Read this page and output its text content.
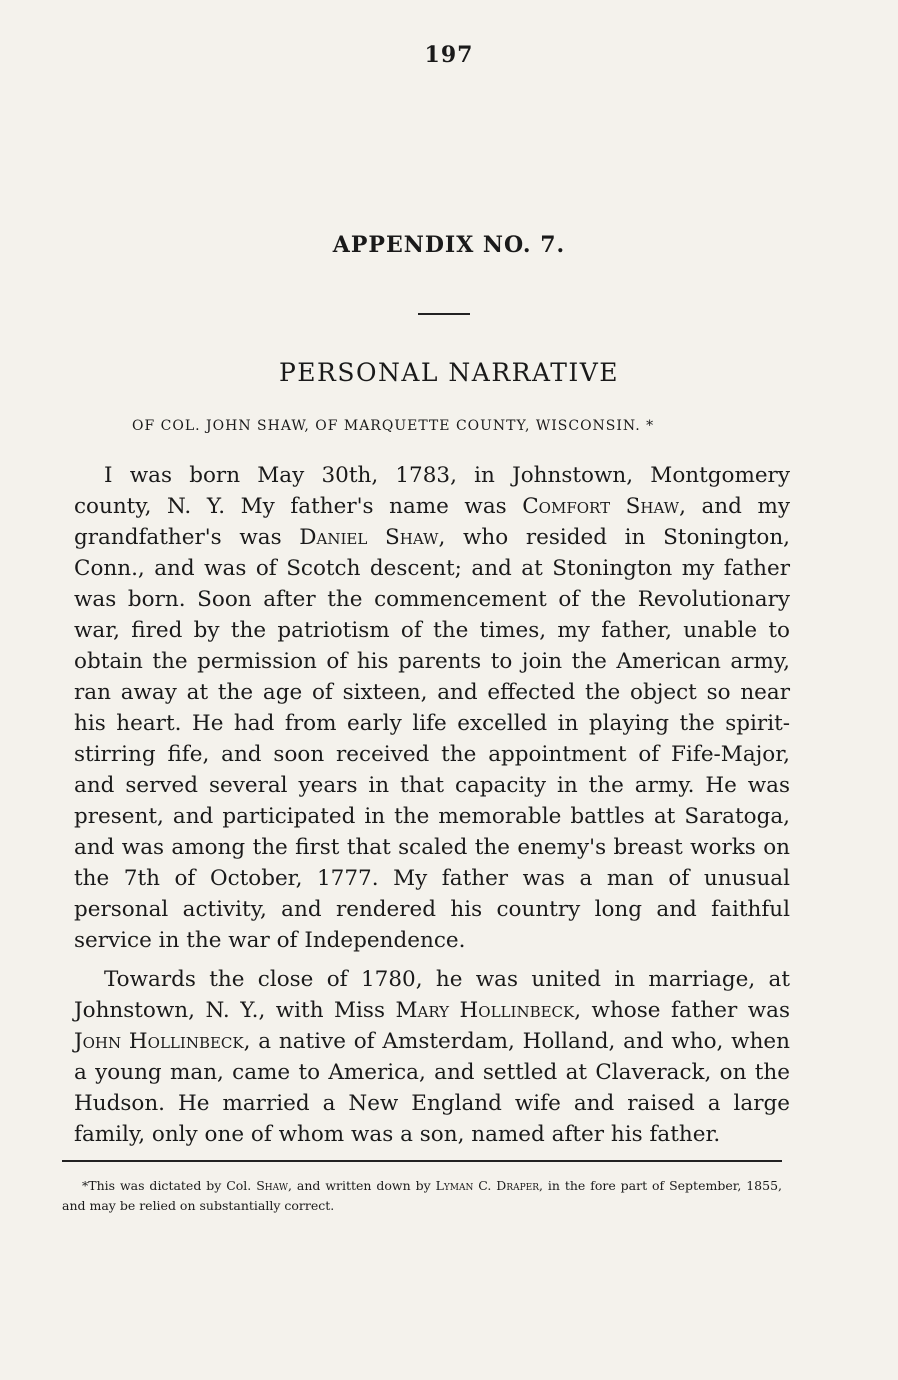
197
APPENDIX NO. 7.
PERSONAL NARRATIVE
OF COL. JOHN SHAW, OF MARQUETTE COUNTY, WISCONSIN. *

I was born May 30th, 1783, in Johnstown, Montgomery county, N. Y. My father's name was Comfort Shaw, and my grandfather's was Daniel Shaw, who resided in Stonington, Conn., and was of Scotch descent; and at Stonington my father was born. Soon after the commencement of the Revolutionary war, fired by the patriotism of the times, my father, unable to obtain the permission of his parents to join the American army, ran away at the age of sixteen, and effected the object so near his heart. He had from early life excelled in playing the spirit-stirring fife, and soon received the appointment of Fife-Major, and served several years in that capacity in the army. He was present, and participated in the memorable battles at Saratoga, and was among the first that scaled the enemy's breast works on the 7th of October, 1777. My father was a man of unusual personal activity, and rendered his country long and faithful service in the war of Independence.

Towards the close of 1780, he was united in marriage, at Johnstown, N. Y., with Miss Mary Hollinbeck, whose father was John Hollinbeck, a native of Amsterdam, Holland, and who, when a young man, came to America, and settled at Claverack, on the Hudson. He married a New England wife and raised a large family, only one of whom was a son, named after his father.

*This was dictated by Col. Shaw, and written down by Lyman C. Draper, in the fore part of September, 1855, and may be relied on substantially correct.
